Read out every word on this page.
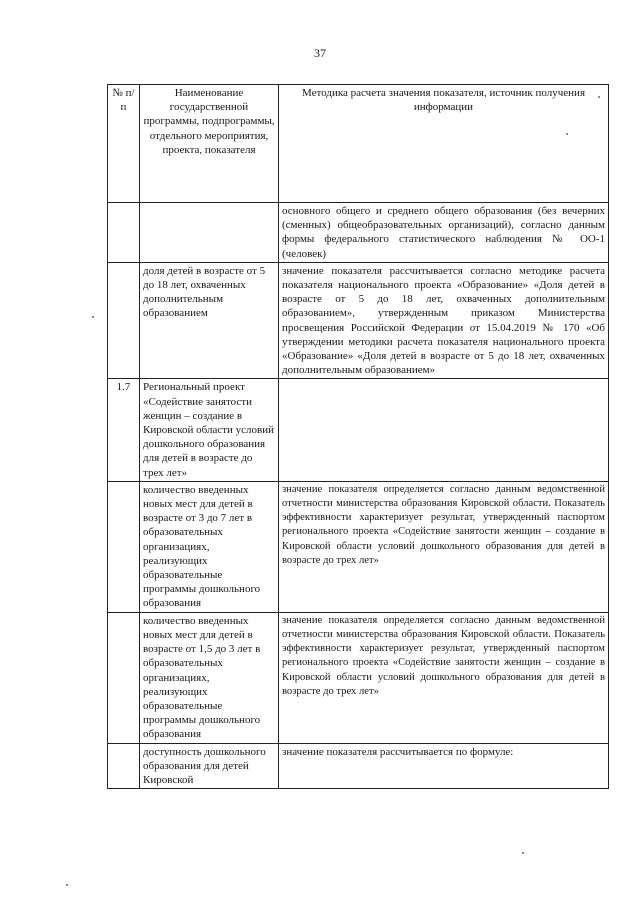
37
№ п/п	Наименование государственной программы, подпрограммы, отдельного мероприятия, проекта, показателя	Методика расчета значения показателя, источник получения информации
		основного общего и среднего общего образования (без вечерних (сменных) общеобразовательных организаций), согласно данным формы федерального статистического наблюдения № ОО-1 (человек)
	доля детей в возрасте от 5 до 18 лет, охваченных дополнительным образованием	значение показателя рассчитывается согласно методике расчета показателя национального проекта «Образование» «Доля детей в возрасте от 5 до 18 лет, охваченных дополнительным образованием», утвержденным приказом Министерства просвещения Российской Федерации от 15.04.2019 № 170 «Об утверждении методики расчета показателя национального проекта «Образование» «Доля детей в возрасте от 5 до 18 лет, охваченных дополнительным образованием»
1.7	Региональный проект «Содействие занятости женщин – создание в Кировской области условий дошкольного образования для детей в возрасте до трех лет»	
	количество введенных новых мест для детей в возрасте от 3 до 7 лет в образовательных организациях, реализующих образовательные программы дошкольного образования	значение показателя определяется согласно данным ведомственной отчетности министерства образования Кировской области. Показатель эффективности характеризует результат, утвержденный паспортом регионального проекта «Содействие занятости женщин – создание в Кировской области условий дошкольного образования для детей в возрасте до трех лет»
	количество введенных новых мест для детей в возрасте от 1,5 до 3 лет в образовательных организациях, реализующих образовательные программы дошкольного образования	значение показателя определяется согласно данным ведомственной отчетности министерства образования Кировской области. Показатель эффективности характеризует результат, утвержденный паспортом регионального проекта «Содействие занятости женщин – создание в Кировской области условий дошкольного образования для детей в возрасте до трех лет»
	доступность дошкольного образования для детей Кировской	значение показателя рассчитывается по формуле:
